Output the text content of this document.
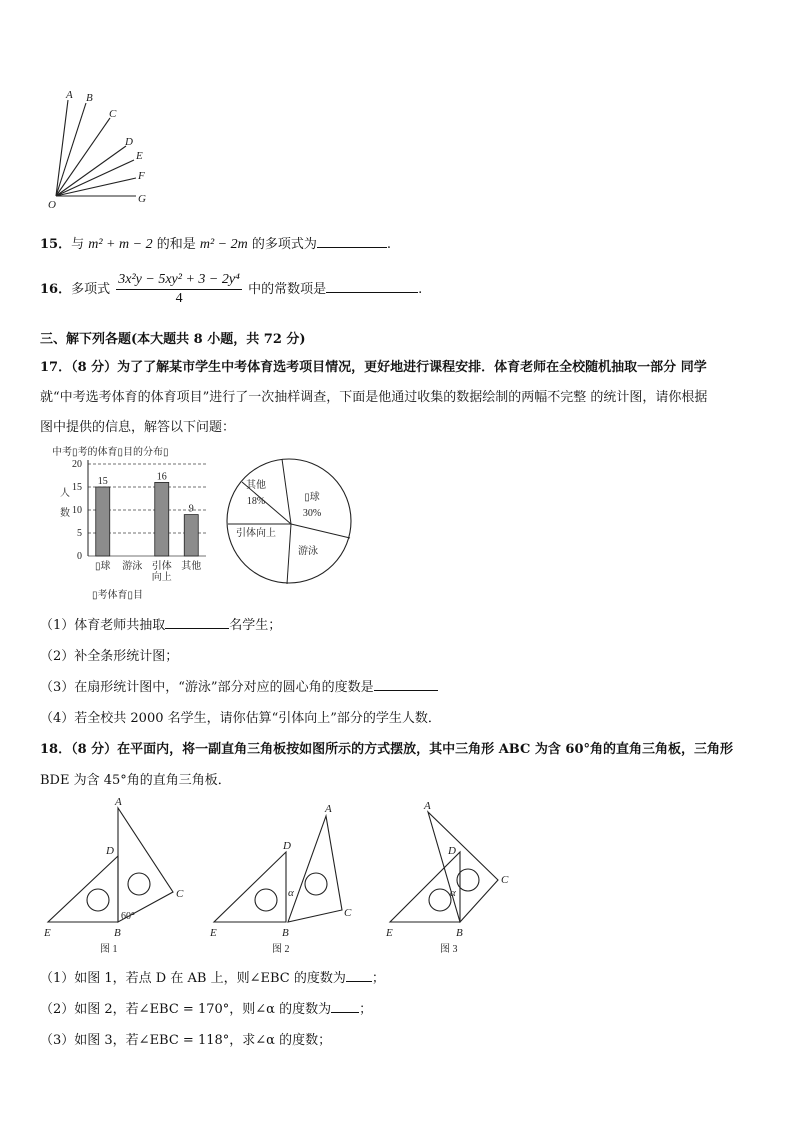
A B
C
D
E
F
O	G
15．与 m² + m − 2 的和是 m² − 2m 的多项式为	.
16．多项式 $\frac{\text{3x²y − 5xy² + 3 − 2y⁴}}{4}$ 中的常数项是	.
三、解下列各题(本大题共 8 小题，共 72 分)
17．（8 分）为了了解某市学生中考体育选考项目情况，更好地进行课程安排．体育老师在全校随机抽取一部分 同学
就“中考选考体育的体育项目”进行了一次抽样调查，下面是他通过收集的数据绘制的两幅不完整 的统计图，请你根据
图中提供的信息，解答以下问题：
中考▯考的体育▯目的分布▯
0
5
10
15
20
人
数
15
▯球 游泳
16
引体
向上
9
其他
▯考体育▯目
▯球
30%
游泳
引体向上
其他
18%
（1）体育老师共抽取	名学生；
（2）补全条形统计图；
（3）在扇形统计图中，“游泳”部分对应的圆心角的度数是
（4）若全校共 2000 名学生，请你估算“引体向上”部分的学生人数．
18．（8 分）在平面内，将一副直角三角板按如图所示的方式摆放，其中三角形 ABC 为含 60°角的直角三角板，三角形
BDE 为含 45°角的直角三角板．
A
D
C
E	B
60°
A
D
C
E	B
α
A
D
C
E	B
α
图 1	图 2	图 3
（1）如图 1，若点 D 在 AB 上，则∠EBC 的度数为 ；
（2）如图 2，若∠EBC = 170°，则∠α 的度数为 ；
（3）如图 3，若∠EBC = 118°，求∠α 的度数；
